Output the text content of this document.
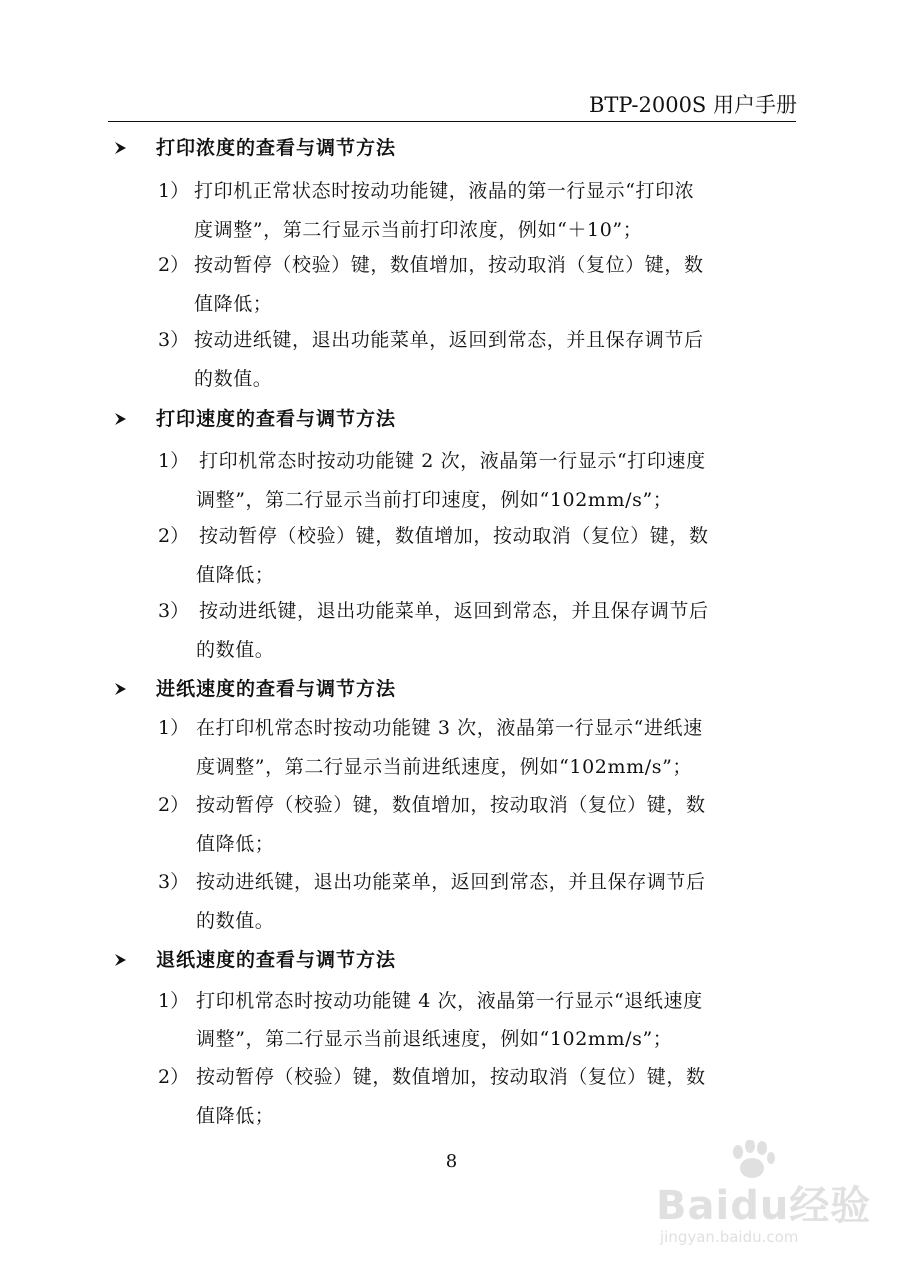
BTP-2000S 用户手册
打印浓度的查看与调节方法
1） 打印机正常状态时按动功能键，液晶的第一行显示“打印浓
度调整”，第二行显示当前打印浓度，例如“＋10”；
2） 按动暂停（校验）键，数值增加，按动取消（复位）键，数
值降低；
3） 按动进纸键，退出功能菜单，返回到常态，并且保存调节后
的数值。
打印速度的查看与调节方法
1） 打印机常态时按动功能键 2 次，液晶第一行显示“打印速度
调整”，第二行显示当前打印速度，例如“102mm/s”；
2） 按动暂停（校验）键，数值增加，按动取消（复位）键，数
值降低；
3） 按动进纸键，退出功能菜单，返回到常态，并且保存调节后
的数值。
进纸速度的查看与调节方法
1） 在打印机常态时按动功能键 3 次，液晶第一行显示“进纸速
度调整”，第二行显示当前进纸速度，例如“102mm/s”；
2） 按动暂停（校验）键，数值增加，按动取消（复位）键，数
值降低；
3） 按动进纸键，退出功能菜单，返回到常态，并且保存调节后
的数值。
退纸速度的查看与调节方法
1） 打印机常态时按动功能键 4 次，液晶第一行显示“退纸速度
调整”，第二行显示当前退纸速度，例如“102mm/s”；
2） 按动暂停（校验）键，数值增加，按动取消（复位）键，数
值降低；
8
Baidu经验
jingyan.baidu.com
